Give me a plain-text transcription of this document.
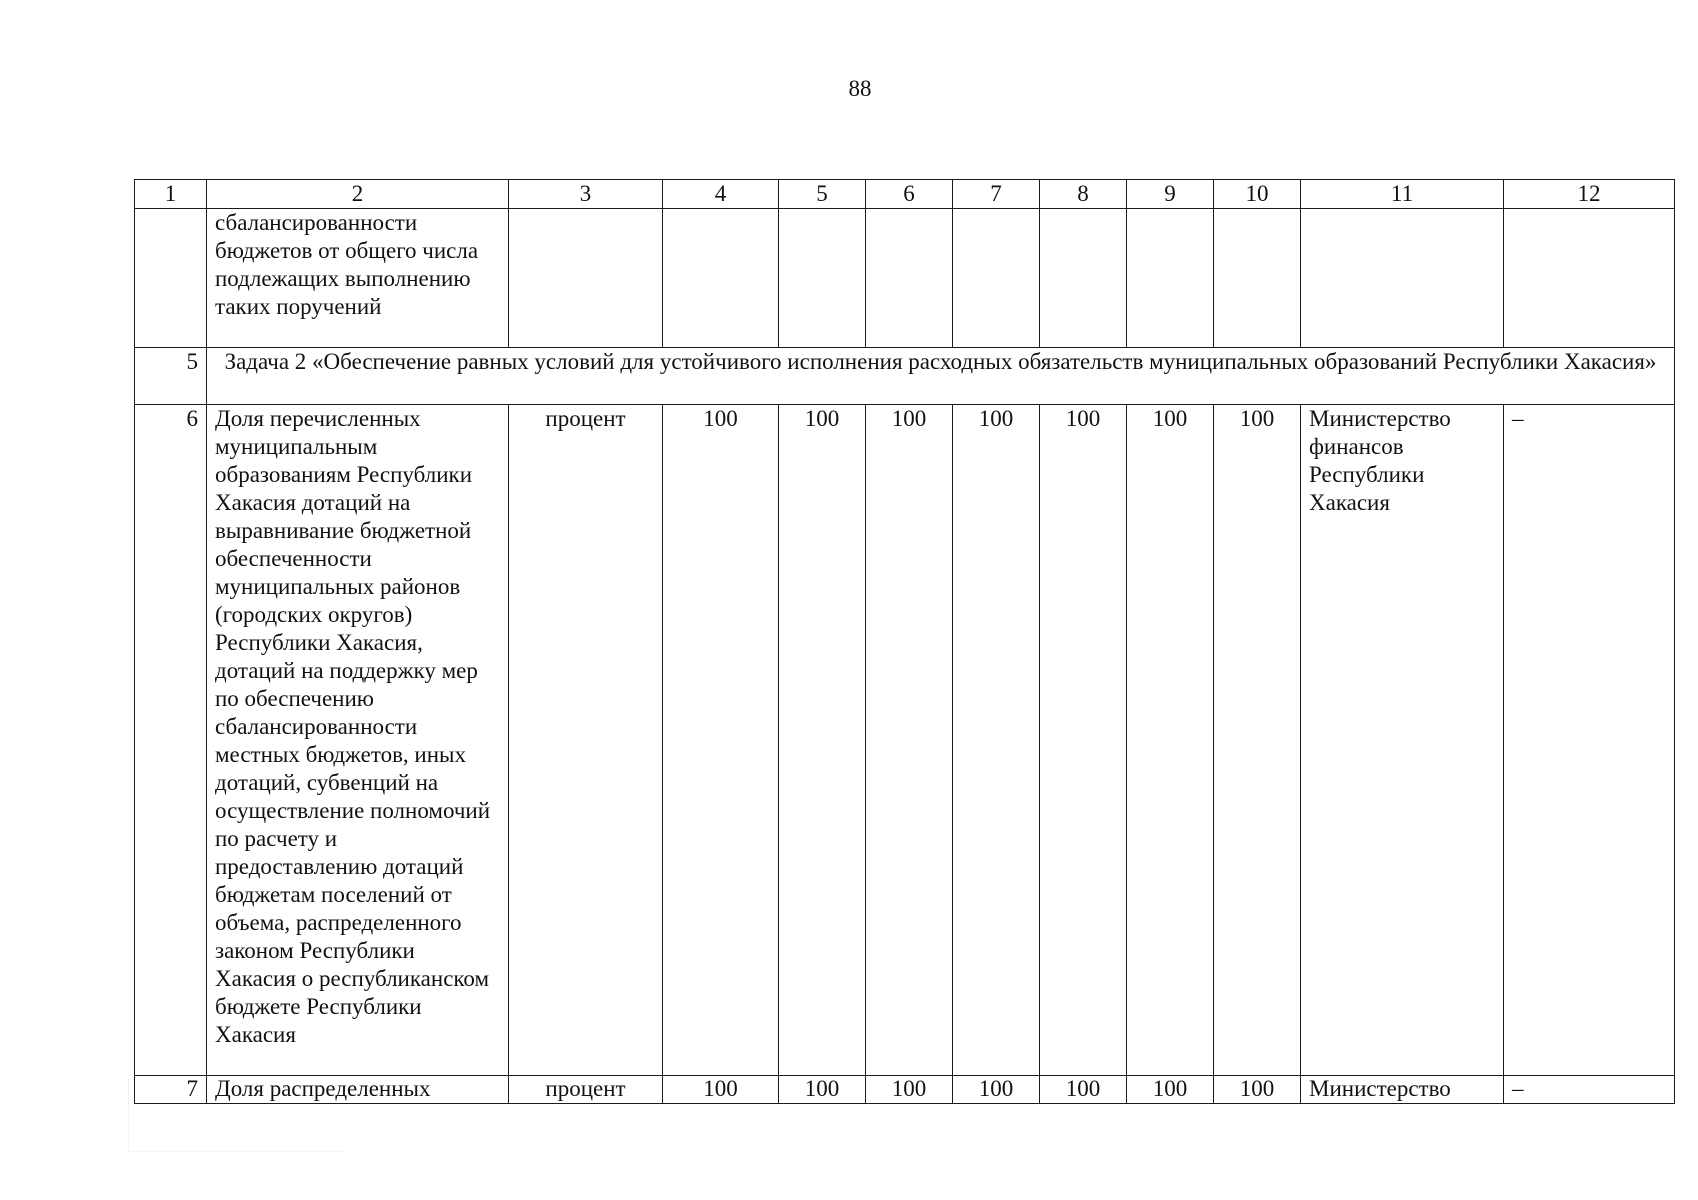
88
1	2	3	4	5	6	7	8	9	10	11	12
	сбалансированности бюджетов от общего числа подлежащих выполнению таких поручений										
5	Задача 2 «Обеспечение равных условий для устойчивого исполнения расходных обязательств муниципальных образований Республики Хакасия»										
6	Доля перечисленных муниципальным образованиям Республики Хакасия дотаций на выравнивание бюджетной обеспеченности муниципальных районов (городских округов) Республики Хакасия, дотаций на поддержку мер по обеспечению сбалансированности местных бюджетов, иных дотаций, субвенций на осуществление полномочий по расчету и предоставлению дотаций бюджетам поселений от объема, распределенного законом Республики Хакасия о республиканском бюджете Республики Хакасия	процент	100	100	100	100	100	100	100	Министерство финансов Республики Хакасия	–
7	Доля распределенных	процент	100	100	100	100	100	100	100	Министерство	–
